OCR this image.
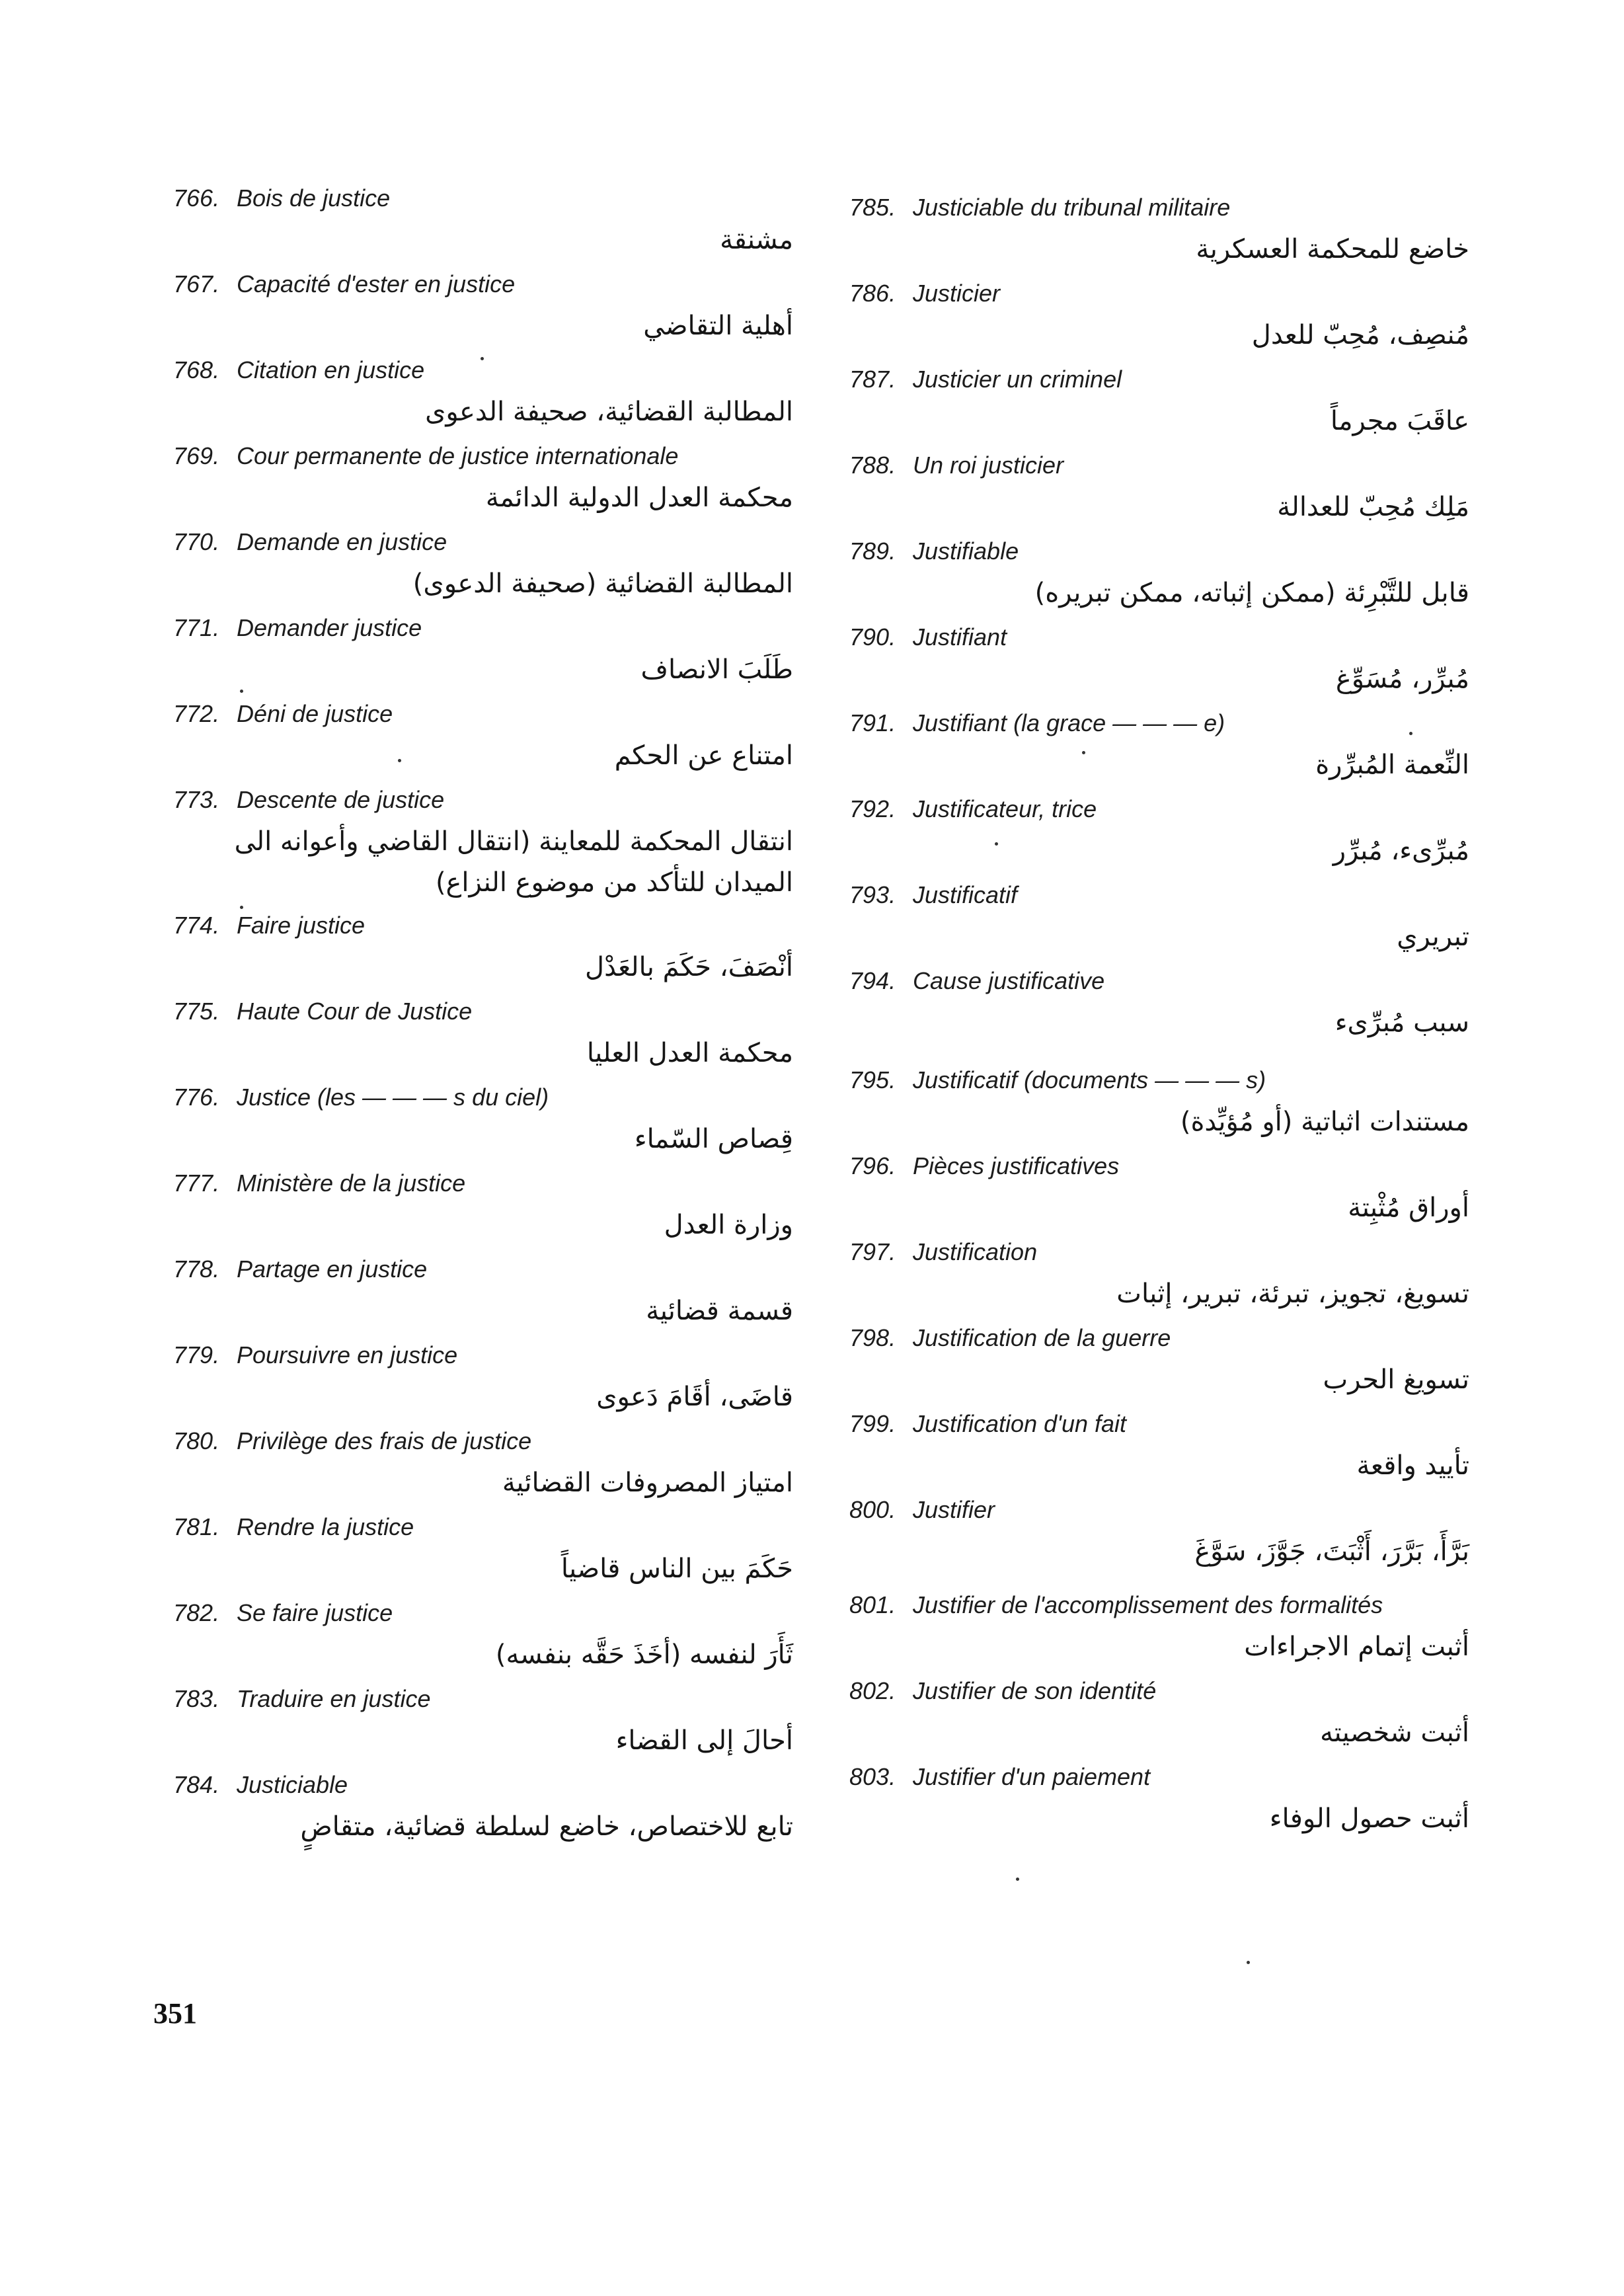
766. Bois de justice
مشنقة
767. Capacité d'ester en justice
أهلية التقاضي
768. Citation en justice
المطالبة القضائية، صحيفة الدعوى
769. Cour permanente de justice internationale
محكمة العدل الدولية الدائمة
770. Demande en justice
المطالبة القضائية (صحيفة الدعوى)
771. Demander justice
طَلَبَ الانصاف
772. Déni de justice
امتناع عن الحكم
773. Descente de justice
انتقال المحكمة للمعاينة (انتقال القاضي وأعوانه الى الميدان للتأكد من موضوع النزاع)
774. Faire justice
أنْصَفَ، حَكَمَ بالعَدْل
775. Haute Cour de Justice
محكمة العدل العليا
776. Justice (les — — — s du ciel)
قِصاص السّماء
777. Ministère de la justice
وزارة العدل
778. Partage en justice
قسمة قضائية
779. Poursuivre en justice
قاضَى، أقَامَ دَعوى
780. Privilège des frais de justice
امتياز المصروفات القضائية
781. Rendre la justice
حَكَمَ بين الناس قاضياً
782. Se faire justice
ثَأَرَ لنفسه (أخَذَ حَقَّه بنفسه)
783. Traduire en justice
أحالَ إلى القضاء
784. Justiciable
تابع للاختصاص، خاضع لسلطة قضائية، متقاضٍ
785. Justiciable du tribunal militaire
خاضع للمحكمة العسكرية
786. Justicier
مُنصِف، مُحِبّ للعدل
787. Justicier un criminel
عاقَبَ مجرماً
788. Un roi justicier
مَلِك مُحِبّ للعدالة
789. Justifiable
قابل للتَّبْرِئة (ممكن إثباته، ممكن تبريره)
790. Justifiant
مُبرِّر، مُسَوِّغ
791. Justifiant (la grace — — — e)
النِّعمة المُبرِّرة
792. Justificateur, trice
مُبرِّىء، مُبرِّر
793. Justificatif
تبريري
794. Cause justificative
سبب مُبرِّىء
795. Justificatif (documents — — — s)
مستندات اثباتية (أو مُؤيِّدة)
796. Pièces justificatives
أوراق مُثْبِتة
797. Justification
تسويغ، تجويز، تبرئة، تبرير، إثبات
798. Justification de la guerre
تسويغ الحرب
799. Justification d'un fait
تأييد واقعة
800. Justifier
بَرَّأَ، بَرَّرَ، أَثْبَتَ، جَوَّزَ، سَوَّغَ
801. Justifier de l'accomplissement des formalités
أثبت إتمام الاجراءات
802. Justifier de son identité
أثبت شخصيته
803. Justifier d'un paiement
أثبت حصول الوفاء
351
